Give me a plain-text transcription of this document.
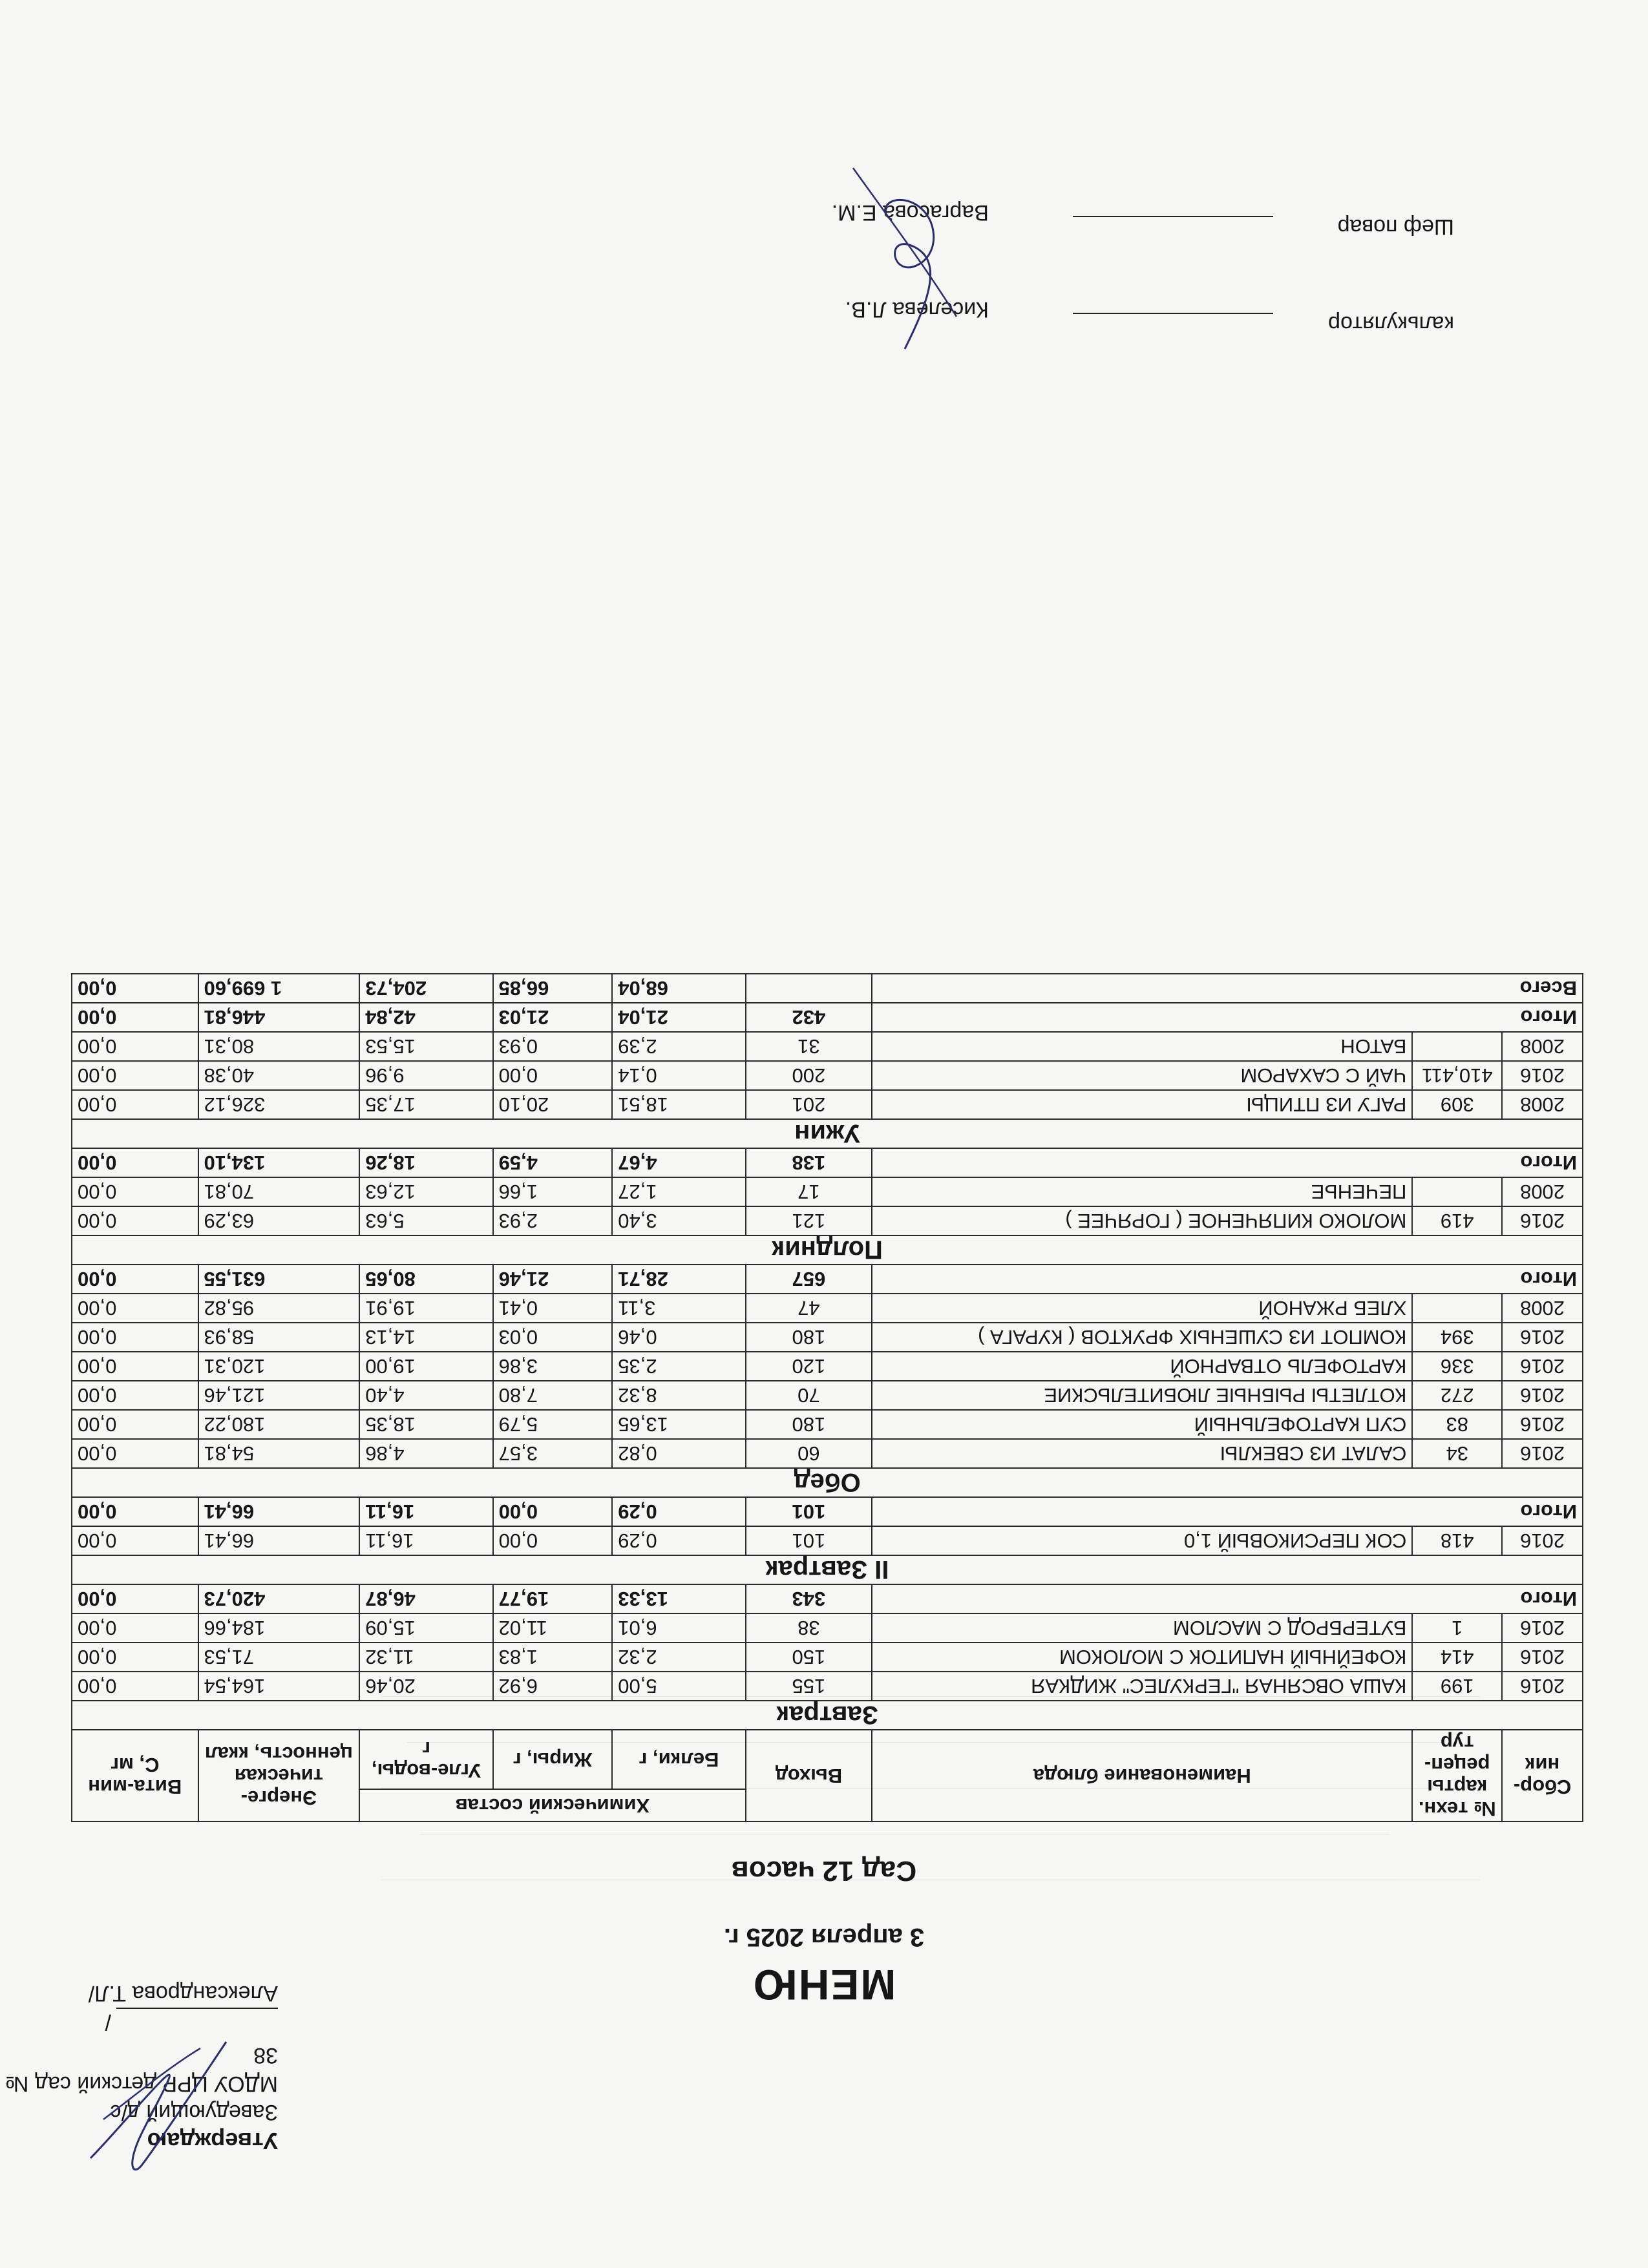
Утверждаю
Заведующий д/с
МДОУ ЦРР детский сад № 38
/Александрова Т.Л/	МЕНЮ
3 апреля 2025 г.
Сад 12 часов
Сбор-ник	№ техн. карты рецеп-тур	Наименование блюда	Выход	Химический состав			Энерге-тическая ценность, ккал	Вита-мин С, мг
				Белки, г	Жиры, г	Угле-воды, г		
Завтрак								
2016	199	КАША ОВСЯНАЯ "ГЕРКУЛЕС" ЖИДКАЯ	155	5,00	6,92	20,46	164,54	0,00
2016	414	КОФЕЙНЫЙ НАПИТОК С МОЛОКОМ	150	2,32	1,83	11,32	71,53	0,00
2016	1	БУТЕРБРОД С МАСЛОМ	38	6,01	11,02	15,09	184,66	0,00
Итого			343	13,33	19,77	46,87	420,73	0,00
II Завтрак								
2016	418	СОК ПЕРСИКОВЫЙ 1,0	101	0,29	0,00	16,11	66,41	0,00
Итого			101	0,29	0,00	16,11	66,41	0,00
Обед								
2016	34	САЛАТ ИЗ СВЕКЛЫ	60	0,82	3,57	4,86	54,81	0,00
2016	83	СУП КАРТОФЕЛЬНЫЙ	180	13,65	5,79	18,35	180,22	0,00
2016	272	КОТЛЕТЫ РЫБНЫЕ ЛЮБИТЕЛЬСКИЕ	70	8,32	7,80	4,40	121,46	0,00
2016	336	КАРТОФЕЛЬ ОТВАРНОЙ	120	2,35	3,86	19,00	120,31	0,00
2016	394	КОМПОТ ИЗ СУШЕНЫХ ФРУКТОВ ( КУРАГА )	180	0,46	0,03	14,13	58,93	0,00
2008		ХЛЕБ РЖАНОЙ	47	3,11	0,41	19,91	95,82	0,00
Итого			657	28,71	21,46	80,65	631,55	0,00
Полдник								
2016	419	МОЛОКО КИПЯЧЕНОЕ ( ГОРЯЧЕЕ )	121	3,40	2,93	5,63	63,29	0,00
2008		ПЕЧЕНЬЕ	17	1,27	1,66	12,63	70,81	0,00
Итого			138	4,67	4,59	18,26	134,10	0,00
Ужин								
2008	309	РАГУ ИЗ ПТИЦЫ	201	18,51	20,10	17,35	326,12	0,00
2016	410,411	ЧАЙ С САХАРОМ	200	0,14	0,00	9,96	40,38	0,00
2008		БАТОН	31	2,39	0,93	15,53	80,31	0,00
Итого			432	21,04	21,03	42,84	446,81	0,00
Всего				68,04	66,85	204,73	1 699,60	0,00
калькулятор
Киселева Л.В.
Шеф повар
Варгасова Е.М.
